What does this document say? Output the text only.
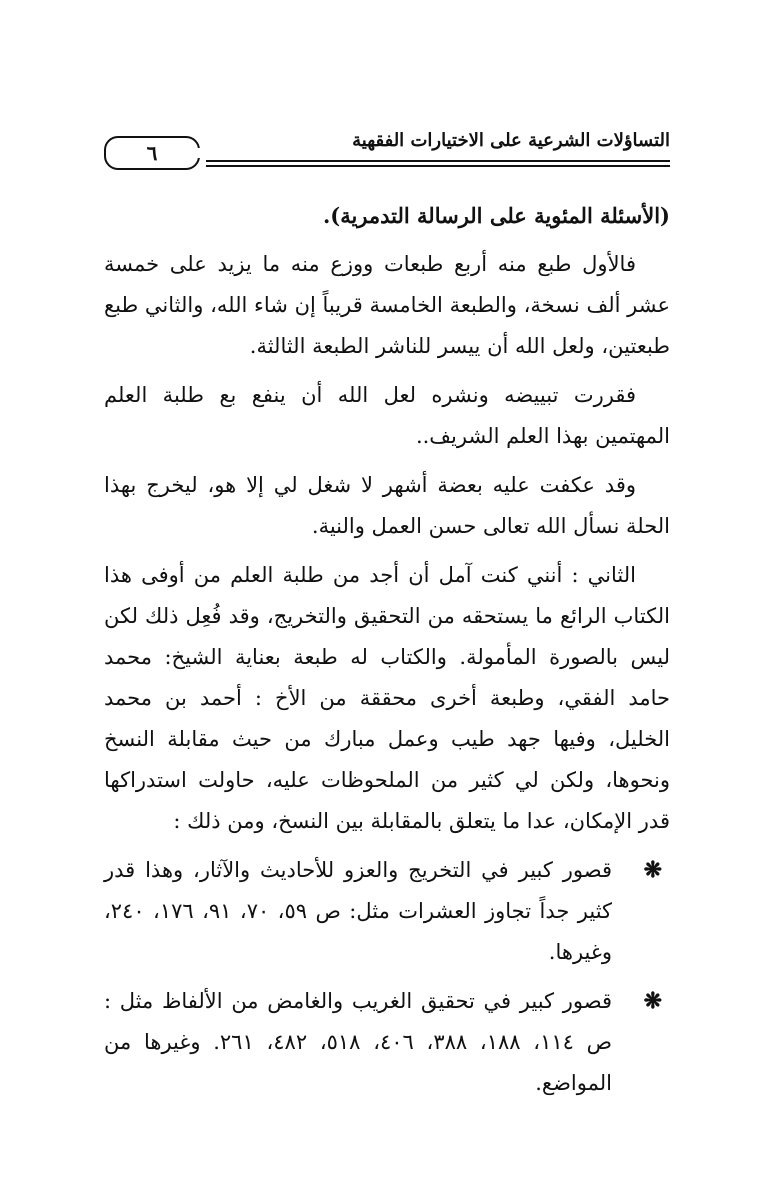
التساؤلات الشرعية على الاختيارات الفقهية
٦

(الأسئلة المئوية على الرسالة التدمرية).

فالأول طبع منه أربع طبعات ووزع منه ما يزيد على خمسة عشر ألف نسخة، والطبعة الخامسة قريباً إن شاء الله، والثاني طبع طبعتين، ولعل الله أن ييسر للناشر الطبعة الثالثة.

فقررت تبييضه ونشره لعل الله أن ينفع بع طلبة العلم المهتمين بهذا العلم الشريف..

وقد عكفت عليه بعضة أشهر لا شغل لي إلا هو، ليخرج بهذا الحلة نسأل الله تعالى حسن العمل والنية.

الثاني : أنني كنت آمل أن أجد من طلبة العلم من أوفى هذا الكتاب الرائع ما يستحقه من التحقيق والتخريج، وقد فُعِل ذلك لكن ليس بالصورة المأمولة. والكتاب له طبعة بعناية الشيخ: محمد حامد الفقي، وطبعة أخرى محققة من الأخ : أحمد بن محمد الخليل، وفيها جهد طيب وعمل مبارك من حيث مقابلة النسخ ونحوها، ولكن لي كثير من الملحوظات عليه، حاولت استدراكها قدر الإمكان، عدا ما يتعلق بالمقابلة بين النسخ، ومن ذلك :

❋

قصور كبير في التخريج والعزو للأحاديث والآثار، وهذا قدر كثير جداً تجاوز العشرات مثل: ص ٥٩، ٧٠، ٩١، ١٧٦، ٢٤٠، وغيرها.

❋

قصور كبير في تحقيق الغريب والغامض من الألفاظ مثل : ص ١١٤، ١٨٨، ٣٨٨، ٤٠٦، ٥١٨، ٤٨٢، ٢٦١. وغيرها من المواضع.
